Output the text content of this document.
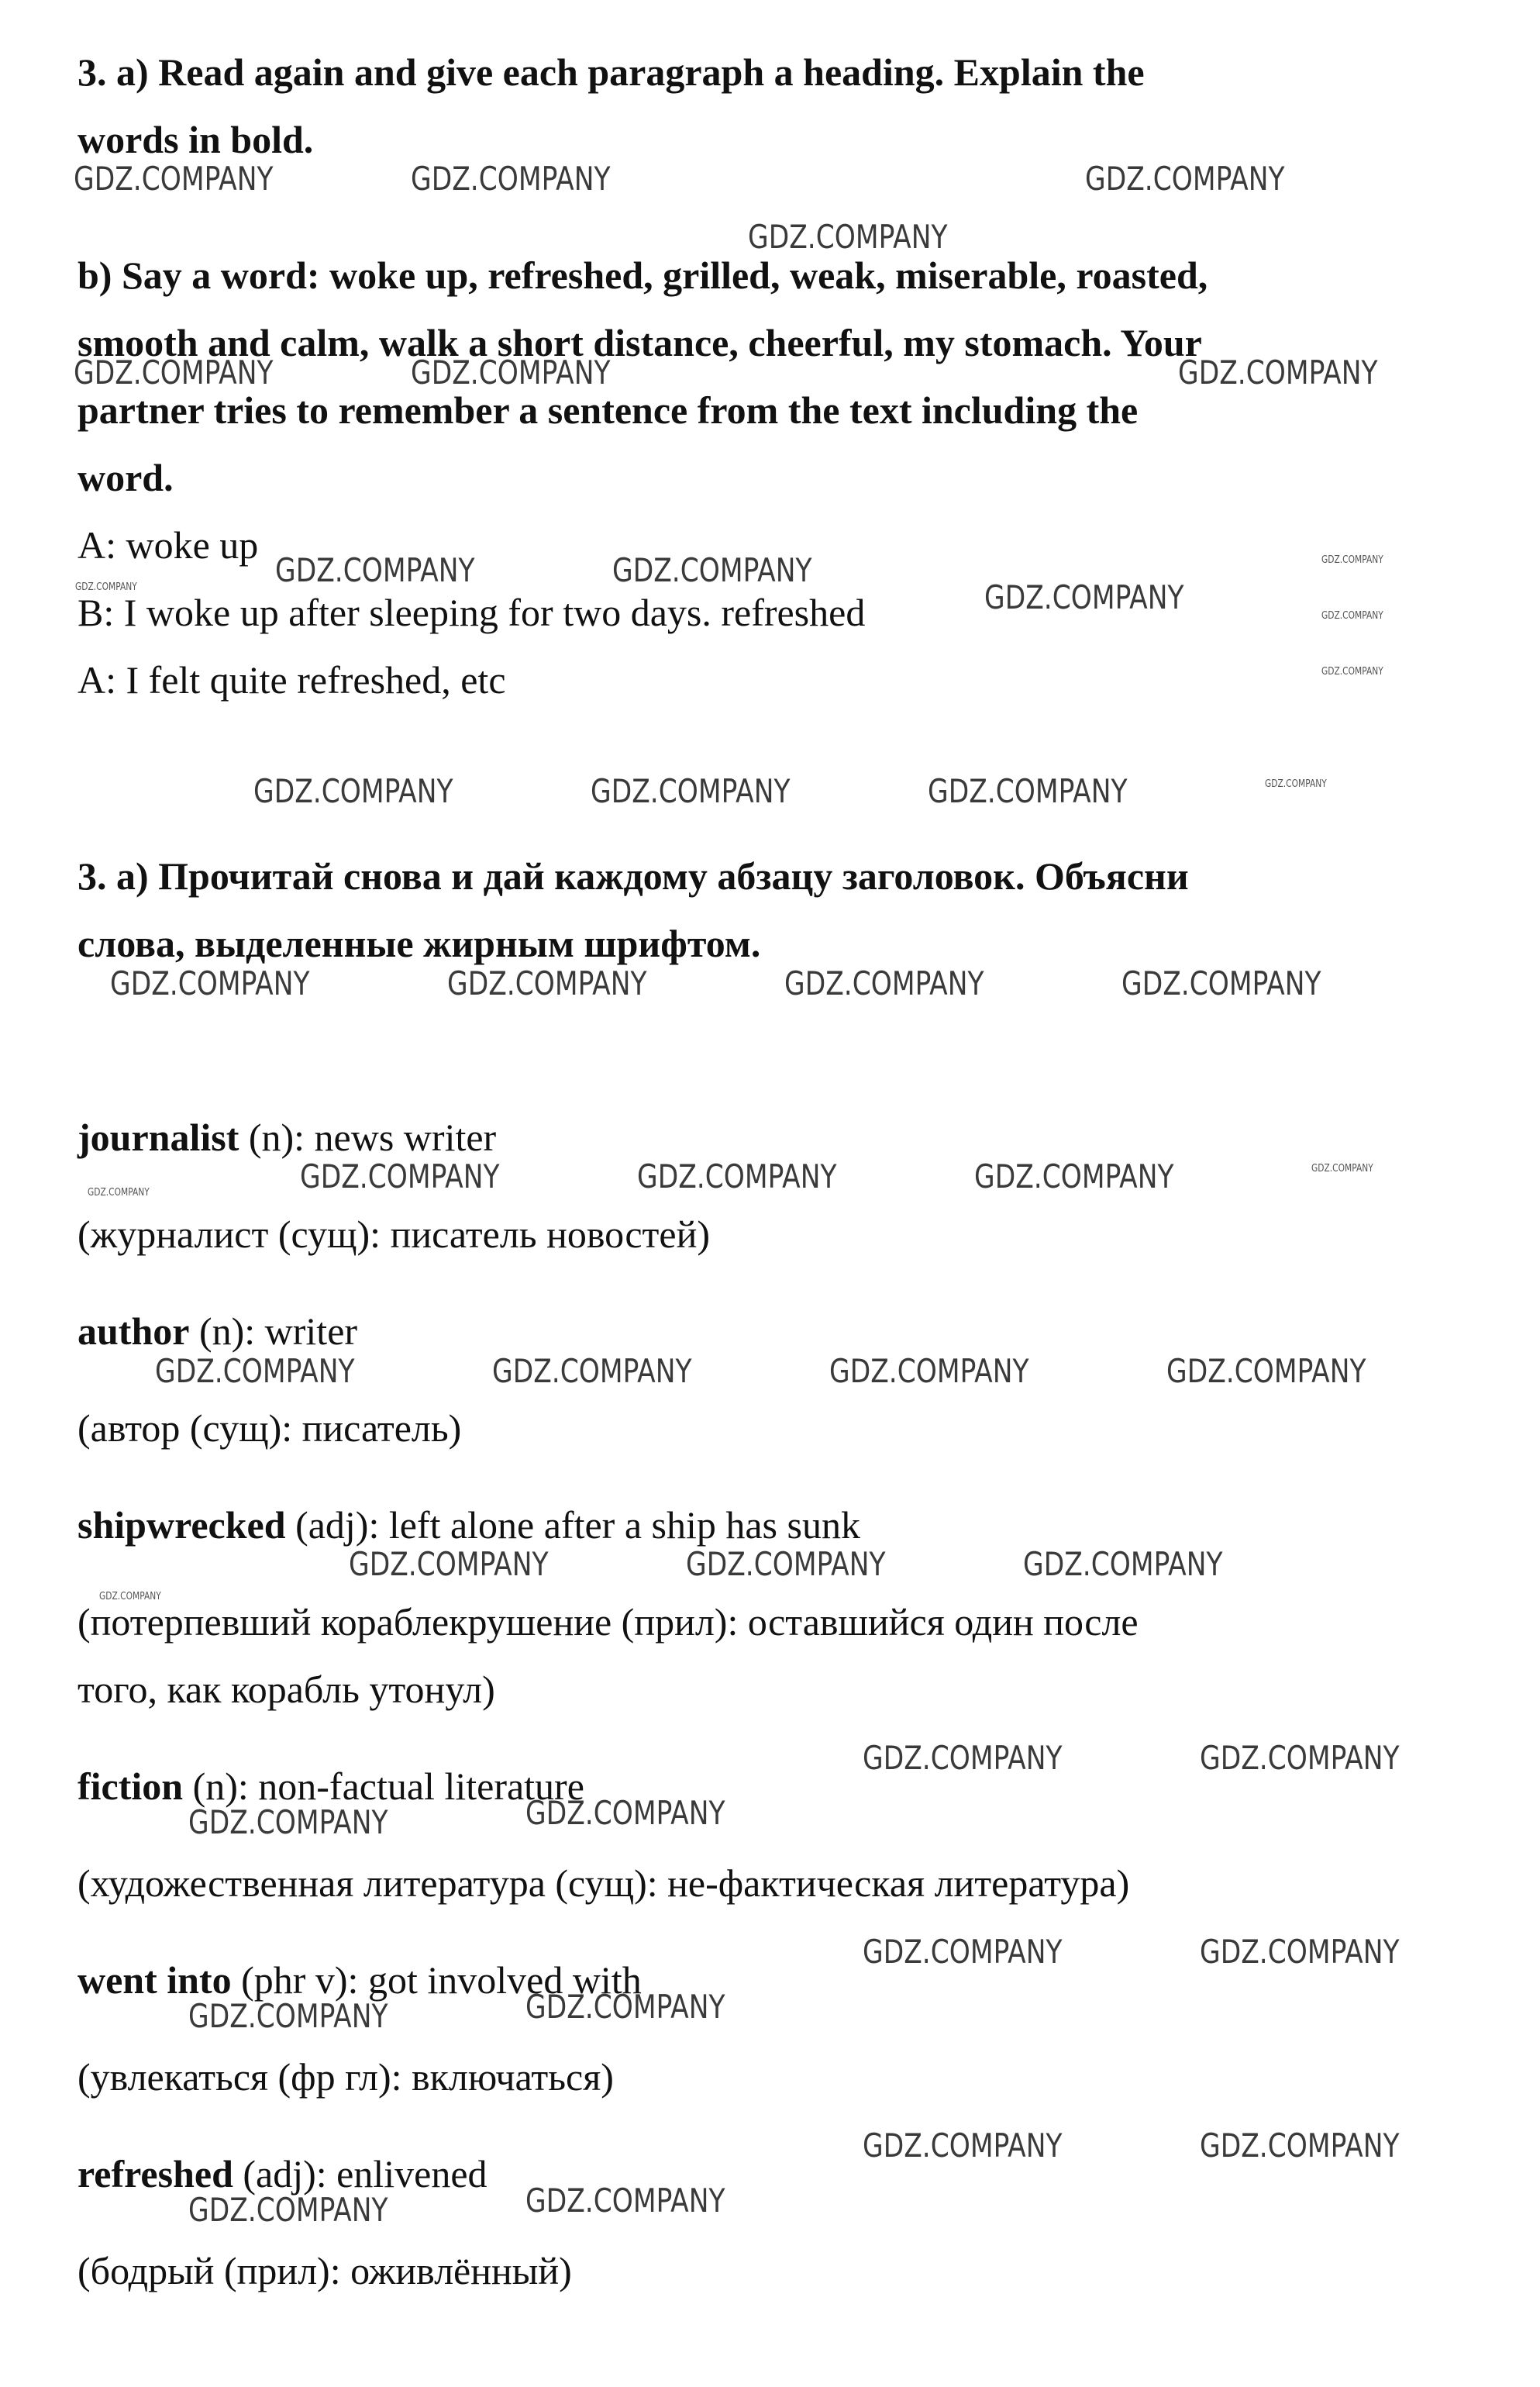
3. a) Read again and give each paragraph a heading. Explain the
words in bold.
b) Say a word: woke up, refreshed, grilled, weak, miserable, roasted,
smooth and calm, walk a short distance, cheerful, my stomach. Your
partner tries to remember a sentence from the text including the
word.
A: woke up
B: I woke up after sleeping for two days. refreshed
A: I felt quite refreshed, etc
3. a) Прочитай снова и дай каждому абзацу заголовок. Объясни
слова, выделенные жирным шрифтом.
journalist (n): news writer
(журналист (сущ): писатель новостей)
author (n): writer
(автор (сущ): писатель)
shipwrecked (adj): left alone after a ship has sunk
(потерпевший кораблекрушение (прил): оставшийся один после
того, как корабль утонул)
fiction (n): non-factual literature
(художественная литература (сущ): не-фактическая литература)
went into (phr v): got involved with
(увлекаться (фр гл): включаться)
refreshed (adj): enlivened
(бодрый (прил): оживлённый)
GDZ.COMPANY	GDZ.COMPANY	GDZ.COMPANY
GDZ.COMPANY
GDZ.COMPANY	GDZ.COMPANY	GDZ.COMPANY
GDZ.COMPANY	GDZ.COMPANY
GDZ.COMPANY
GDZ.COMPANY
GDZ.COMPANY
GDZ.COMPANY
GDZ.COMPANY
GDZ.COMPANY	GDZ.COMPANY	GDZ.COMPANY	GDZ.COMPANY
GDZ.COMPANY	GDZ.COMPANY	GDZ.COMPANY	GDZ.COMPANY
GDZ.COMPANY	GDZ.COMPANY	GDZ.COMPANY	GDZ.COMPANY
GDZ.COMPANY
GDZ.COMPANY	GDZ.COMPANY	GDZ.COMPANY	GDZ.COMPANY
GDZ.COMPANY	GDZ.COMPANY	GDZ.COMPANY
GDZ.COMPANY
GDZ.COMPANY	GDZ.COMPANY
GDZ.COMPANY	GDZ.COMPANY
GDZ.COMPANY	GDZ.COMPANY
GDZ.COMPANY	GDZ.COMPANY
GDZ.COMPANY	GDZ.COMPANY
GDZ.COMPANY	GDZ.COMPANY
